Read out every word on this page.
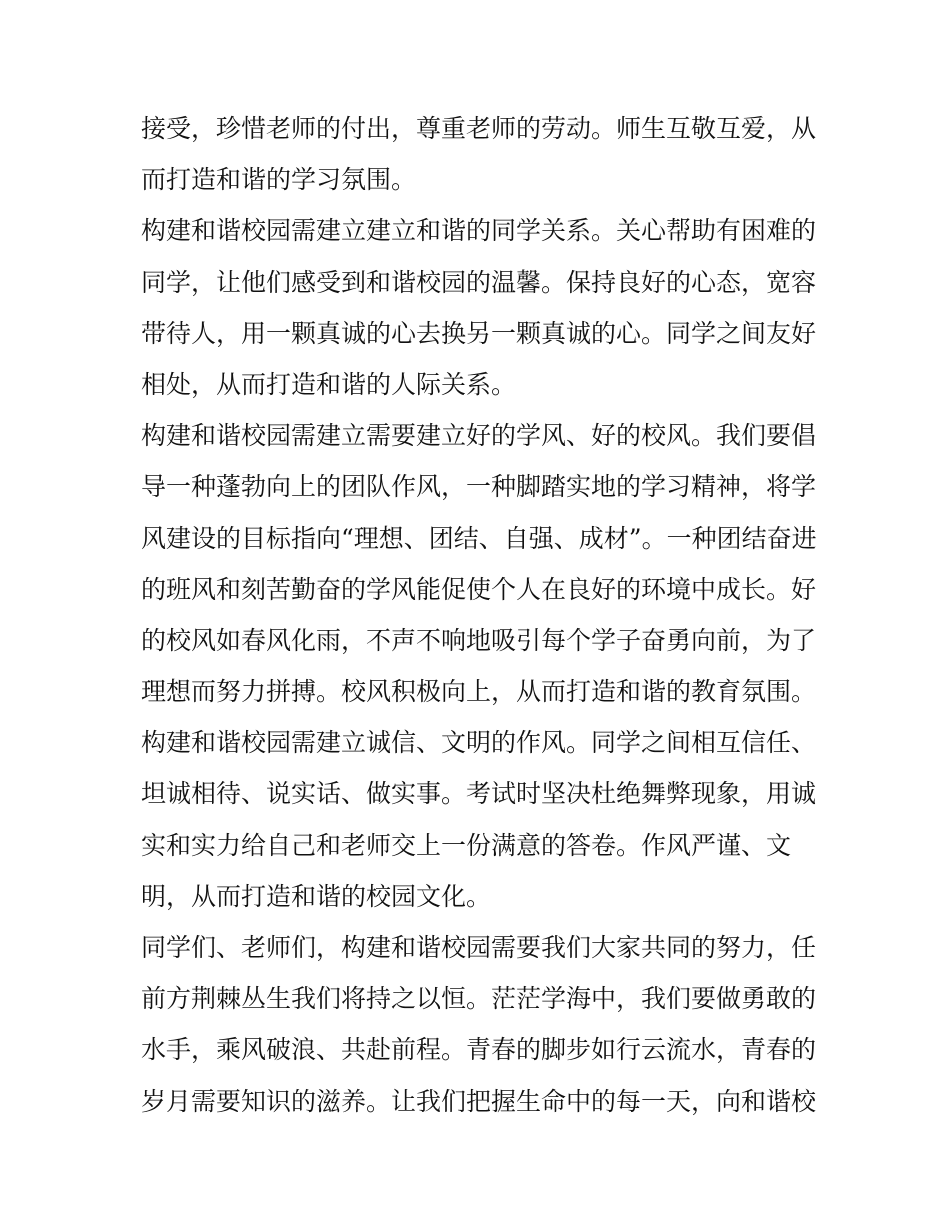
接受，珍惜老师的付出，尊重老师的劳动。师生互敬互爱，从
而打造和谐的学习氛围。
构建和谐校园需建立建立和谐的同学关系。关心帮助有困难的
同学，让他们感受到和谐校园的温馨。保持良好的心态，宽容
带待人，用一颗真诚的心去换另一颗真诚的心。同学之间友好
相处，从而打造和谐的人际关系。
构建和谐校园需建立需要建立好的学风、好的校风。我们要倡
导一种蓬勃向上的团队作风，一种脚踏实地的学习精神，将学
风建设的目标指向“理想、团结、自强、成材”。一种团结奋进
的班风和刻苦勤奋的学风能促使个人在良好的环境中成长。好
的校风如春风化雨，不声不响地吸引每个学子奋勇向前，为了
理想而努力拼搏。校风积极向上，从而打造和谐的教育氛围。
构建和谐校园需建立诚信、文明的作风。同学之间相互信任、
坦诚相待、说实话、做实事。考试时坚决杜绝舞弊现象，用诚
实和实力给自己和老师交上一份满意的答卷。作风严谨、文
明，从而打造和谐的校园文化。
同学们、老师们，构建和谐校园需要我们大家共同的努力，任
前方荆棘丛生我们将持之以恒。茫茫学海中，我们要做勇敢的
水手，乘风破浪、共赴前程。青春的脚步如行云流水，青春的
岁月需要知识的滋养。让我们把握生命中的每一天，向和谐校
